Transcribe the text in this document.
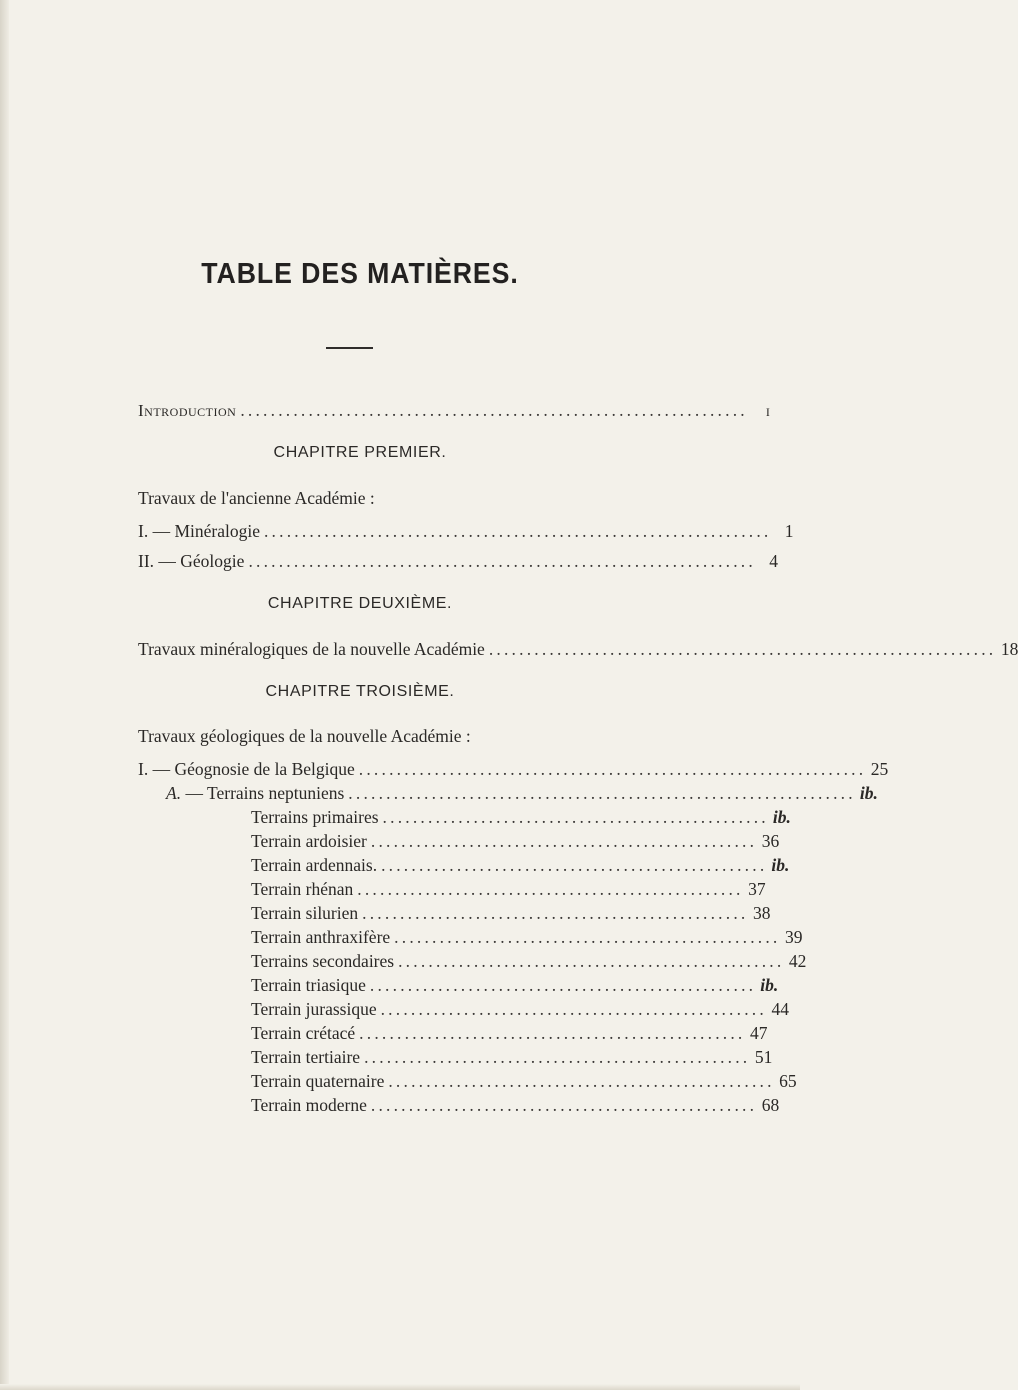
TABLE DES MATIÈRES.
Introduction ...................................................................	I
CHAPITRE PREMIER.
Travaux de l'ancienne Académie :
I. — Minéralogie ................................................................... 1
II. — Géologie ................................................................... 4
CHAPITRE DEUXIÈME.
Travaux minéralogiques de la nouvelle Académie ................................................................... 18
CHAPITRE TROISIÈME.
Travaux géologiques de la nouvelle Académie :
I. — Géognosie de la Belgique ................................................................... 25
A. — Terrains neptuniens ................................................................... ib.
Terrains primaires ................................................... ib.
Terrain ardoisier ................................................... 36
Terrain ardennais. ................................................... ib.
Terrain rhénan ................................................... 37
Terrain silurien ................................................... 38
Terrain anthraxifère ................................................... 39
Terrains secondaires ................................................... 42
Terrain triasique ................................................... ib.
Terrain jurassique ................................................... 44
Terrain crétacé ................................................... 47
Terrain tertiaire ................................................... 51
Terrain quaternaire ................................................... 65
Terrain moderne ................................................... 68
